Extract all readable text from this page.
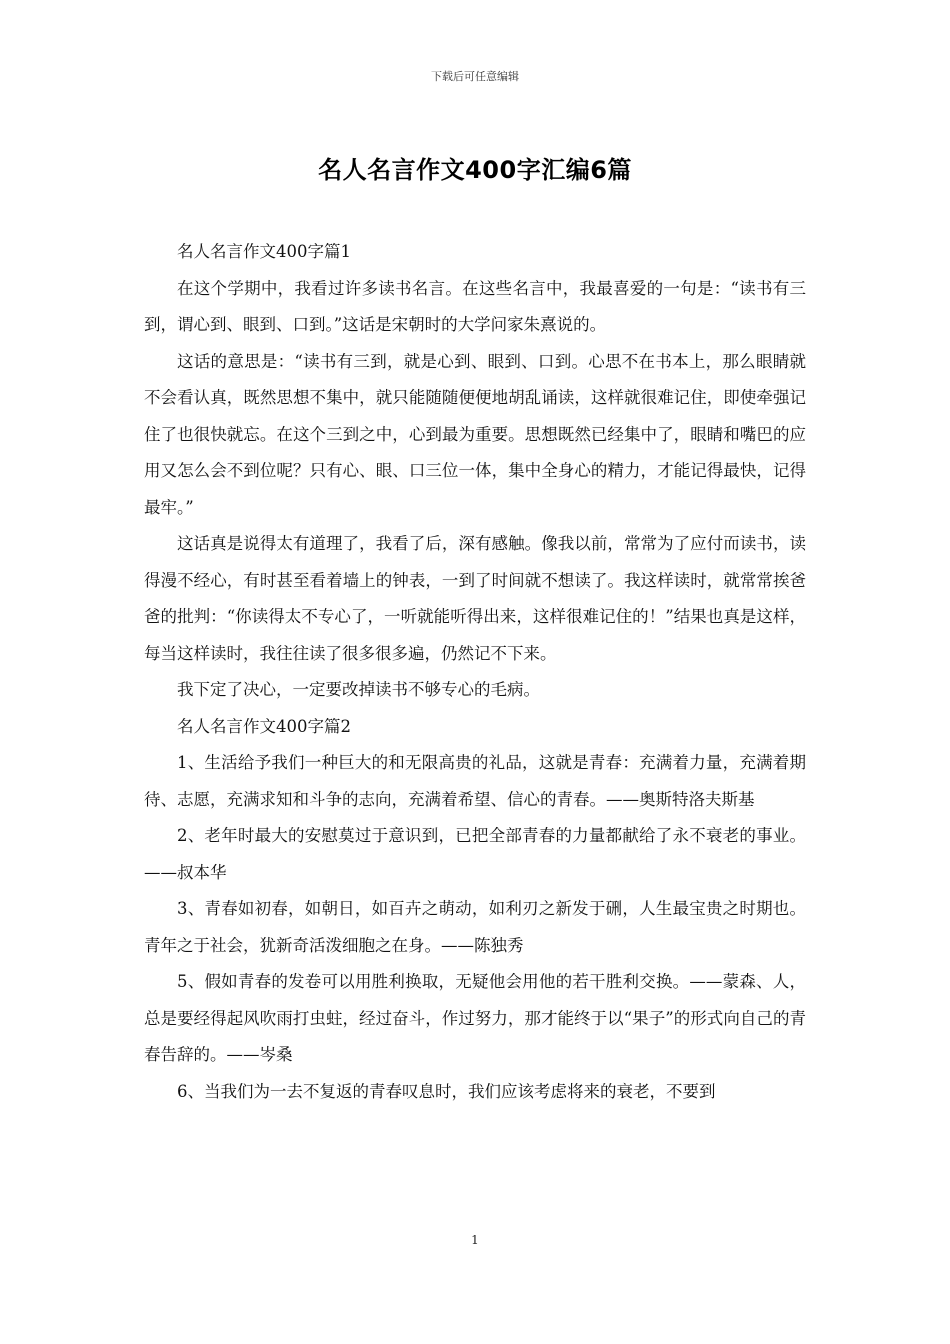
下载后可任意编辑
名人名言作文400字汇编6篇

名人名言作文400字篇1

在这个学期中，我看过许多读书名言。在这些名言中，我最喜爱的一句是：“读书有三到，谓心到、眼到、口到。”这话是宋朝时的大学问家朱熹说的。

这话的意思是：“读书有三到，就是心到、眼到、口到。心思不在书本上，那么眼睛就不会看认真，既然思想不集中，就只能随随便便地胡乱诵读，这样就很难记住，即使牵强记住了也很快就忘。在这个三到之中，心到最为重要。思想既然已经集中了，眼睛和嘴巴的应用又怎么会不到位呢？只有心、眼、口三位一体，集中全身心的精力，才能记得最快，记得最牢。”

这话真是说得太有道理了，我看了后，深有感触。像我以前，常常为了应付而读书，读得漫不经心，有时甚至看着墙上的钟表，一到了时间就不想读了。我这样读时，就常常挨爸爸的批判：“你读得太不专心了，一听就能听得出来，这样很难记住的！”结果也真是这样，每当这样读时，我往往读了很多很多遍，仍然记不下来。

我下定了决心，一定要改掉读书不够专心的毛病。

名人名言作文400字篇2

1、生活给予我们一种巨大的和无限高贵的礼品，这就是青春：充满着力量，充满着期待、志愿，充满求知和斗争的志向，充满着希望、信心的青春。——奥斯特洛夫斯基

2、老年时最大的安慰莫过于意识到，已把全部青春的力量都献给了永不衰老的事业。——叔本华

3、青春如初春，如朝日，如百卉之萌动，如利刃之新发于硎，人生最宝贵之时期也。青年之于社会，犹新奇活泼细胞之在身。——陈独秀

5、假如青春的发卷可以用胜利换取，无疑他会用他的若干胜利交换。——蒙森、人，总是要经得起风吹雨打虫蛀，经过奋斗，作过努力，那才能终于以“果子”的形式向自己的青春告辞的。——岑桑

6、当我们为一去不复返的青春叹息时，我们应该考虑将来的衰老，不要到

1
